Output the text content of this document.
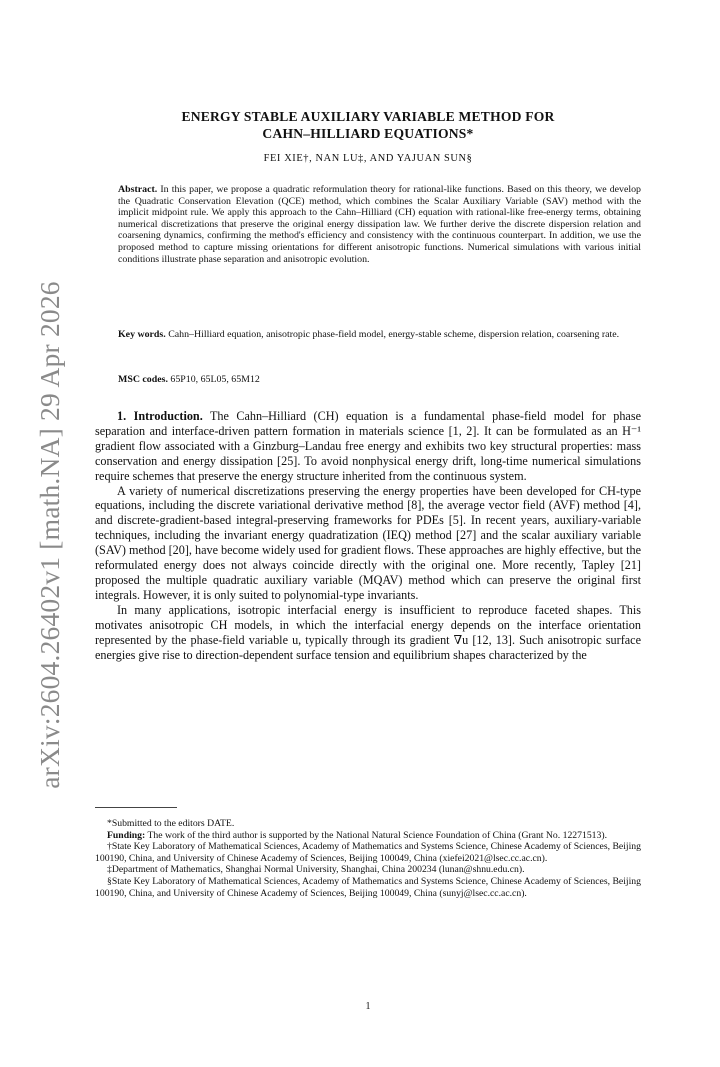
arXiv:2604.26402v1 [math.NA] 29 Apr 2026
ENERGY STABLE AUXILIARY VARIABLE METHOD FOR
CAHN–HILLIARD EQUATIONS*
FEI XIE†, NAN LU‡, AND YAJUAN SUN§

Abstract. In this paper, we propose a quadratic reformulation theory for rational-like functions. Based on this theory, we develop the Quadratic Conservation Elevation (QCE) method, which combines the Scalar Auxiliary Variable (SAV) method with the implicit midpoint rule. We apply this approach to the Cahn–Hilliard (CH) equation with rational-like free-energy terms, obtaining numerical discretizations that preserve the original energy dissipation law. We further derive the discrete dispersion relation and coarsening dynamics, confirming the method's efficiency and consistency with the continuous counterpart. In addition, we use the proposed method to capture missing orientations for different anisotropic functions. Numerical simulations with various initial conditions illustrate phase separation and anisotropic evolution.

Key words. Cahn–Hilliard equation, anisotropic phase-field model, energy-stable scheme, dispersion relation, coarsening rate.

MSC codes. 65P10, 65L05, 65M12

1. Introduction. The Cahn–Hilliard (CH) equation is a fundamental phase-field model for phase separation and interface-driven pattern formation in materials science [1, 2]. It can be formulated as an H⁻¹ gradient flow associated with a Ginzburg–Landau free energy and exhibits two key structural properties: mass conservation and energy dissipation [25]. To avoid nonphysical energy drift, long-time numerical simulations require schemes that preserve the energy structure inherited from the continuous system.

A variety of numerical discretizations preserving the energy properties have been developed for CH-type equations, including the discrete variational derivative method [8], the average vector field (AVF) method [4], and discrete-gradient-based integral-preserving frameworks for PDEs [5]. In recent years, auxiliary-variable techniques, including the invariant energy quadratization (IEQ) method [27] and the scalar auxiliary variable (SAV) method [20], have become widely used for gradient flows. These approaches are highly effective, but the reformulated energy does not always coincide directly with the original one. More recently, Tapley [21] proposed the multiple quadratic auxiliary variable (MQAV) method which can preserve the original first integrals. However, it is only suited to polynomial-type invariants.

In many applications, isotropic interfacial energy is insufficient to reproduce faceted shapes. This motivates anisotropic CH models, in which the interfacial energy depends on the interface orientation represented by the phase-field variable u, typically through its gradient ∇u [12, 13]. Such anisotropic surface energies give rise to direction-dependent surface tension and equilibrium shapes characterized by the

*Submitted to the editors DATE.

Funding: The work of the third author is supported by the National Natural Science Foundation of China (Grant No. 12271513).

†State Key Laboratory of Mathematical Sciences, Academy of Mathematics and Systems Science, Chinese Academy of Sciences, Beijing 100190, China, and University of Chinese Academy of Sciences, Beijing 100049, China (xiefei2021@lsec.cc.ac.cn).

‡Department of Mathematics, Shanghai Normal University, Shanghai, China 200234 (lunan@shnu.edu.cn).

§State Key Laboratory of Mathematical Sciences, Academy of Mathematics and Systems Science, Chinese Academy of Sciences, Beijing 100190, China, and University of Chinese Academy of Sciences, Beijing 100049, China (sunyj@lsec.cc.ac.cn).

1
